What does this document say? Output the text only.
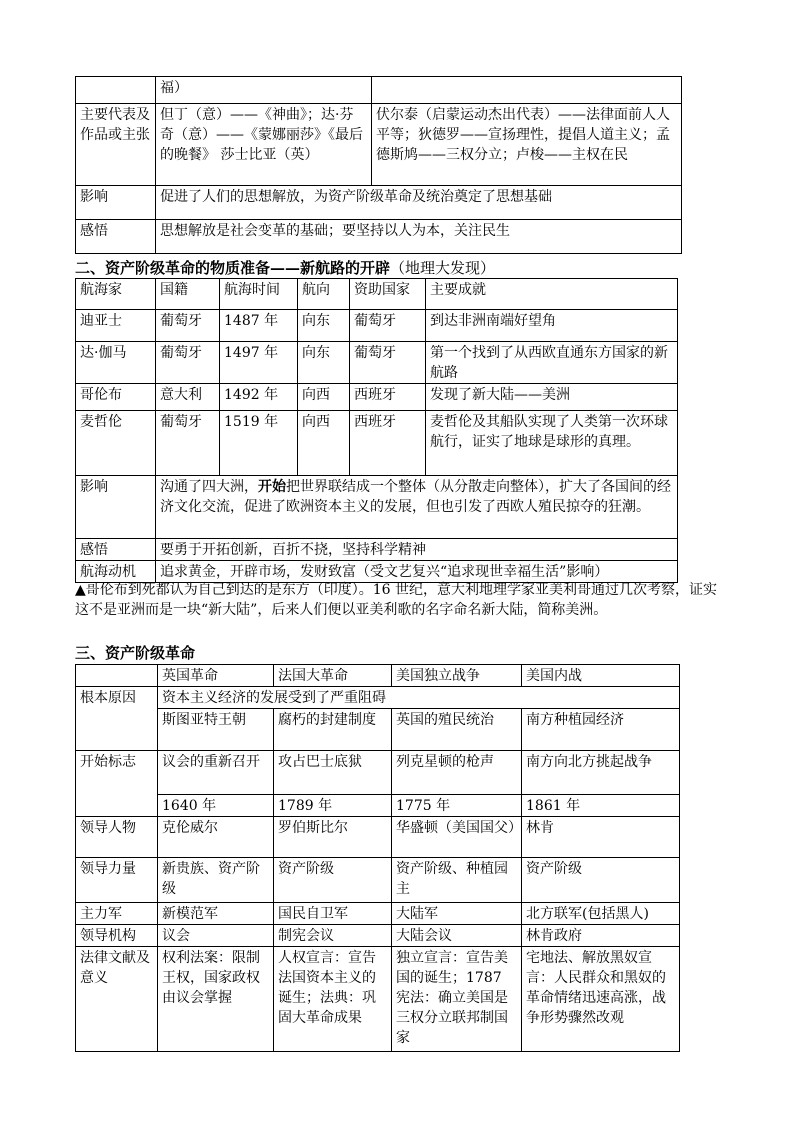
	福）	
主要代表及作品或主张	但丁（意）——《神曲》；达·芬奇（意）——《蒙娜丽莎》《最后的晚餐》 莎士比亚（英）	伏尔泰（启蒙运动杰出代表）——法律面前人人平等；狄德罗——宣扬理性，提倡人道主义；孟德斯鸠——三权分立；卢梭——主权在民
影响	促进了人们的思想解放，为资产阶级革命及统治奠定了思想基础	
感悟	思想解放是社会变革的基础；要坚持以人为本，关注民生	
二、资产阶级革命的物质准备——新航路的开辟（地理大发现）
航海家	国籍	航海时间	航向	资助国家	主要成就
迪亚士	葡萄牙	1487 年	向东	葡萄牙	到达非洲南端好望角
达·伽马	葡萄牙	1497 年	向东	葡萄牙	第一个找到了从西欧直通东方国家的新航路
哥伦布	意大利	1492 年	向西	西班牙	发现了新大陆——美洲
麦哲伦	葡萄牙	1519 年	向西	西班牙	麦哲伦及其船队实现了人类第一次环球航行，证实了地球是球形的真理。
影响	沟通了四大洲，开始把世界联结成一个整体（从分散走向整体），扩大了各国间的经济文化交流，促进了欧洲资本主义的发展，但也引发了西欧人殖民掠夺的狂潮。				
感悟	要勇于开拓创新，百折不挠，坚持科学精神				
航海动机	追求黄金，开辟市场，发财致富（受文艺复兴“追求现世幸福生活”影响）				
▲哥伦布到死都认为自己到达的是东方（印度）。16 世纪，意大利地理学家亚美利哥通过几次考察，证实这不是亚洲而是一块“新大陆”，后来人们便以亚美利歌的名字命名新大陆，简称美洲。
三、资产阶级革命
	英国革命	法国大革命	美国独立战争	美国内战
根本原因	资本主义经济的发展受到了严重阻碍			
	斯图亚特王朝	腐朽的封建制度	英国的殖民统治	南方种植园经济
开始标志	议会的重新召开	攻占巴士底狱	列克星顿的枪声	南方向北方挑起战争
	1640 年	1789 年	1775 年	1861 年
领导人物	克伦威尔	罗伯斯比尔	华盛顿（美国国父）	林肯
领导力量	新贵族、资产阶级	资产阶级	资产阶级、种植园主	资产阶级
主力军	新模范军	国民自卫军	大陆军	北方联军(包括黑人)
领导机构	议会	制宪会议	大陆会议	林肯政府
法律文献及意义	权利法案：限制王权，国家政权由议会掌握	人权宣言：宣告法国资本主义的诞生；法典：巩固大革命成果	独立宣言：宣告美国的诞生；1787 宪法：确立美国是三权分立联邦制国家	宅地法、解放黑奴宣言：人民群众和黑奴的革命情绪迅速高涨，战争形势骤然改观
